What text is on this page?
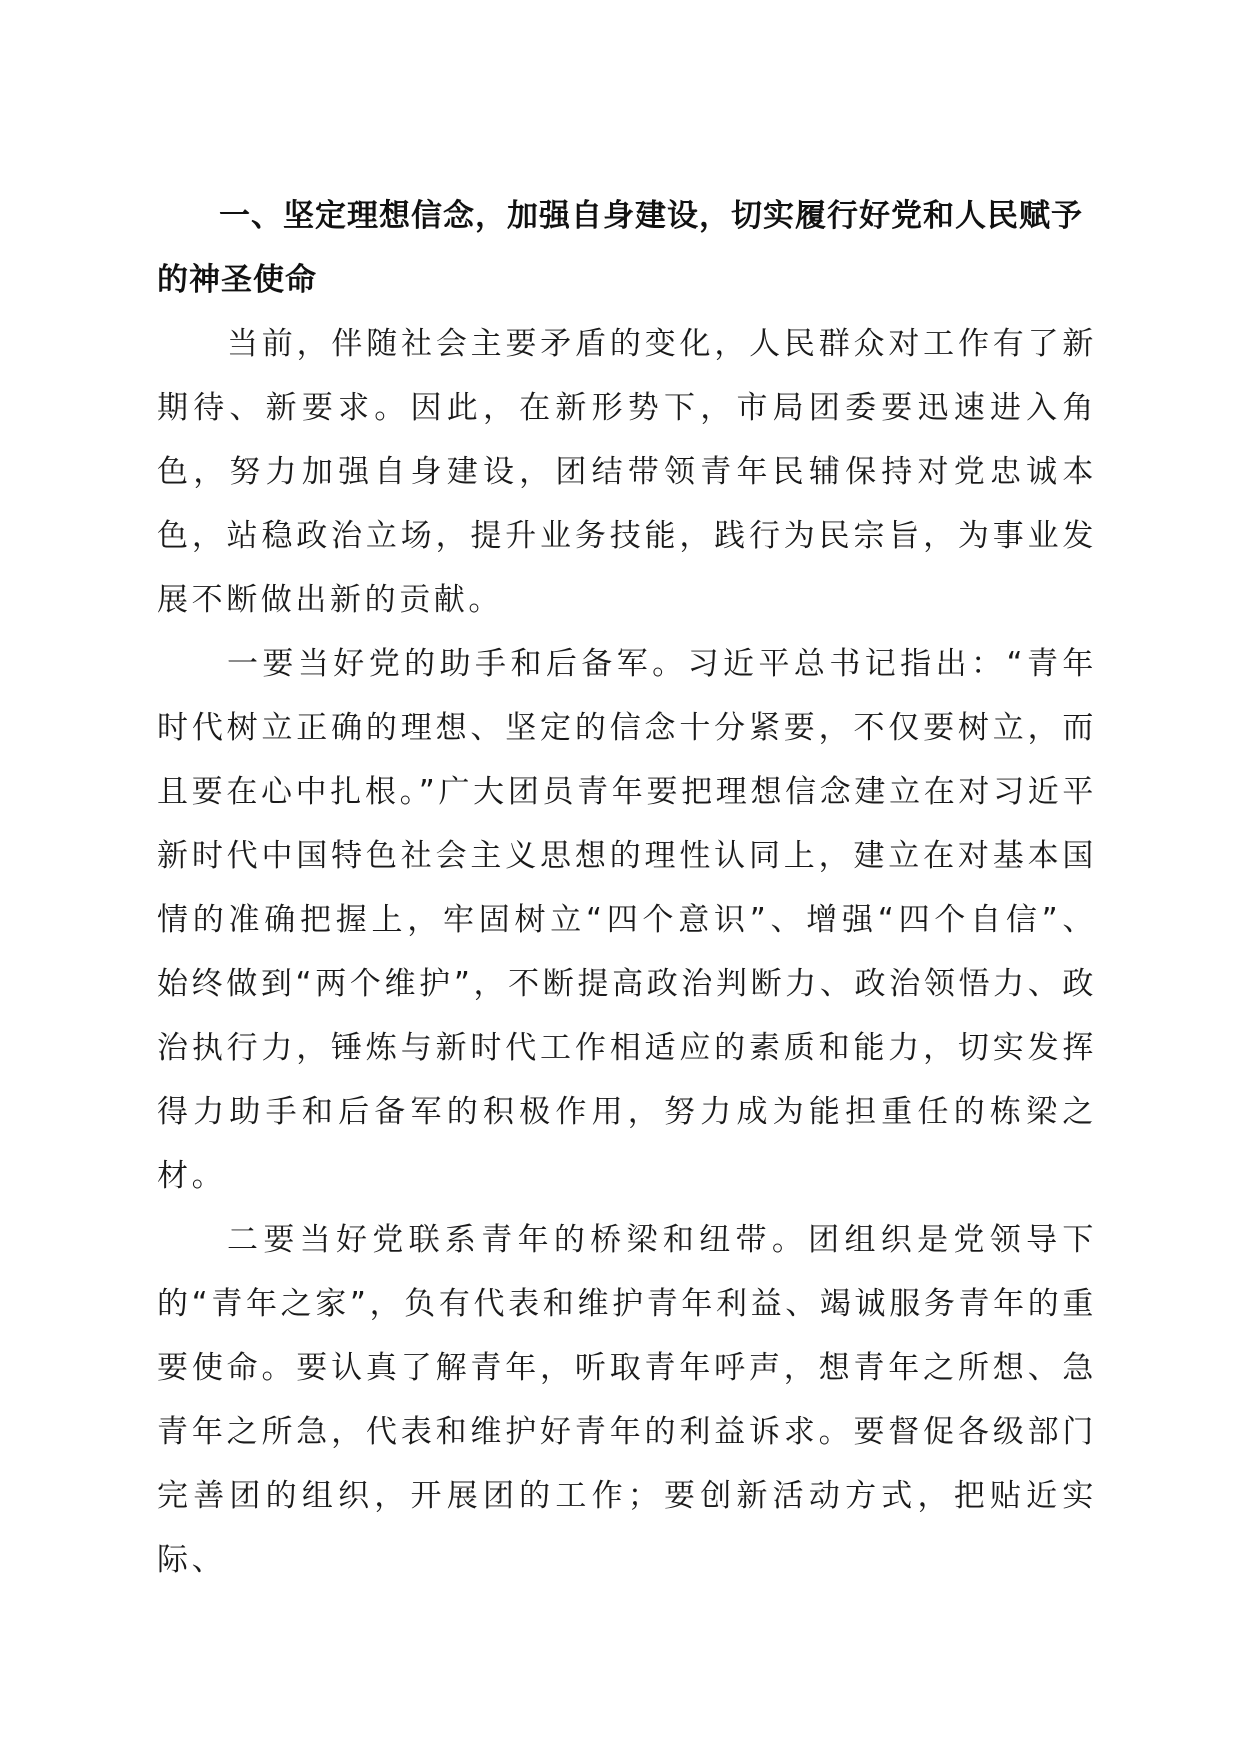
一、坚定理想信念，加强自身建设，切实履行好党和人民赋予的神圣使命

当前，伴随社会主要矛盾的变化，人民群众对工作有了新期待、新要求。因此，在新形势下，市局团委要迅速进入角色，努力加强自身建设，团结带领青年民辅保持对党忠诚本色，站稳政治立场，提升业务技能，践行为民宗旨，为事业发展不断做出新的贡献。

一要当好党的助手和后备军。习近平总书记指出：“青年时代树立正确的理想、坚定的信念十分紧要，不仅要树立，而且要在心中扎根。”广大团员青年要把理想信念建立在对习近平新时代中国特色社会主义思想的理性认同上，建立在对基本国情的准确把握上，牢固树立“四个意识”、增强“四个自信”、始终做到“两个维护”，不断提高政治判断力、政治领悟力、政治执行力，锤炼与新时代工作相适应的素质和能力，切实发挥得力助手和后备军的积极作用，努力成为能担重任的栋梁之材。

二要当好党联系青年的桥梁和纽带。团组织是党领导下的“青年之家”，负有代表和维护青年利益、竭诚服务青年的重要使命。要认真了解青年，听取青年呼声，想青年之所想、急青年之所急，代表和维护好青年的利益诉求。要督促各级部门完善团的组织，开展团的工作；要创新活动方式，把贴近实际、
